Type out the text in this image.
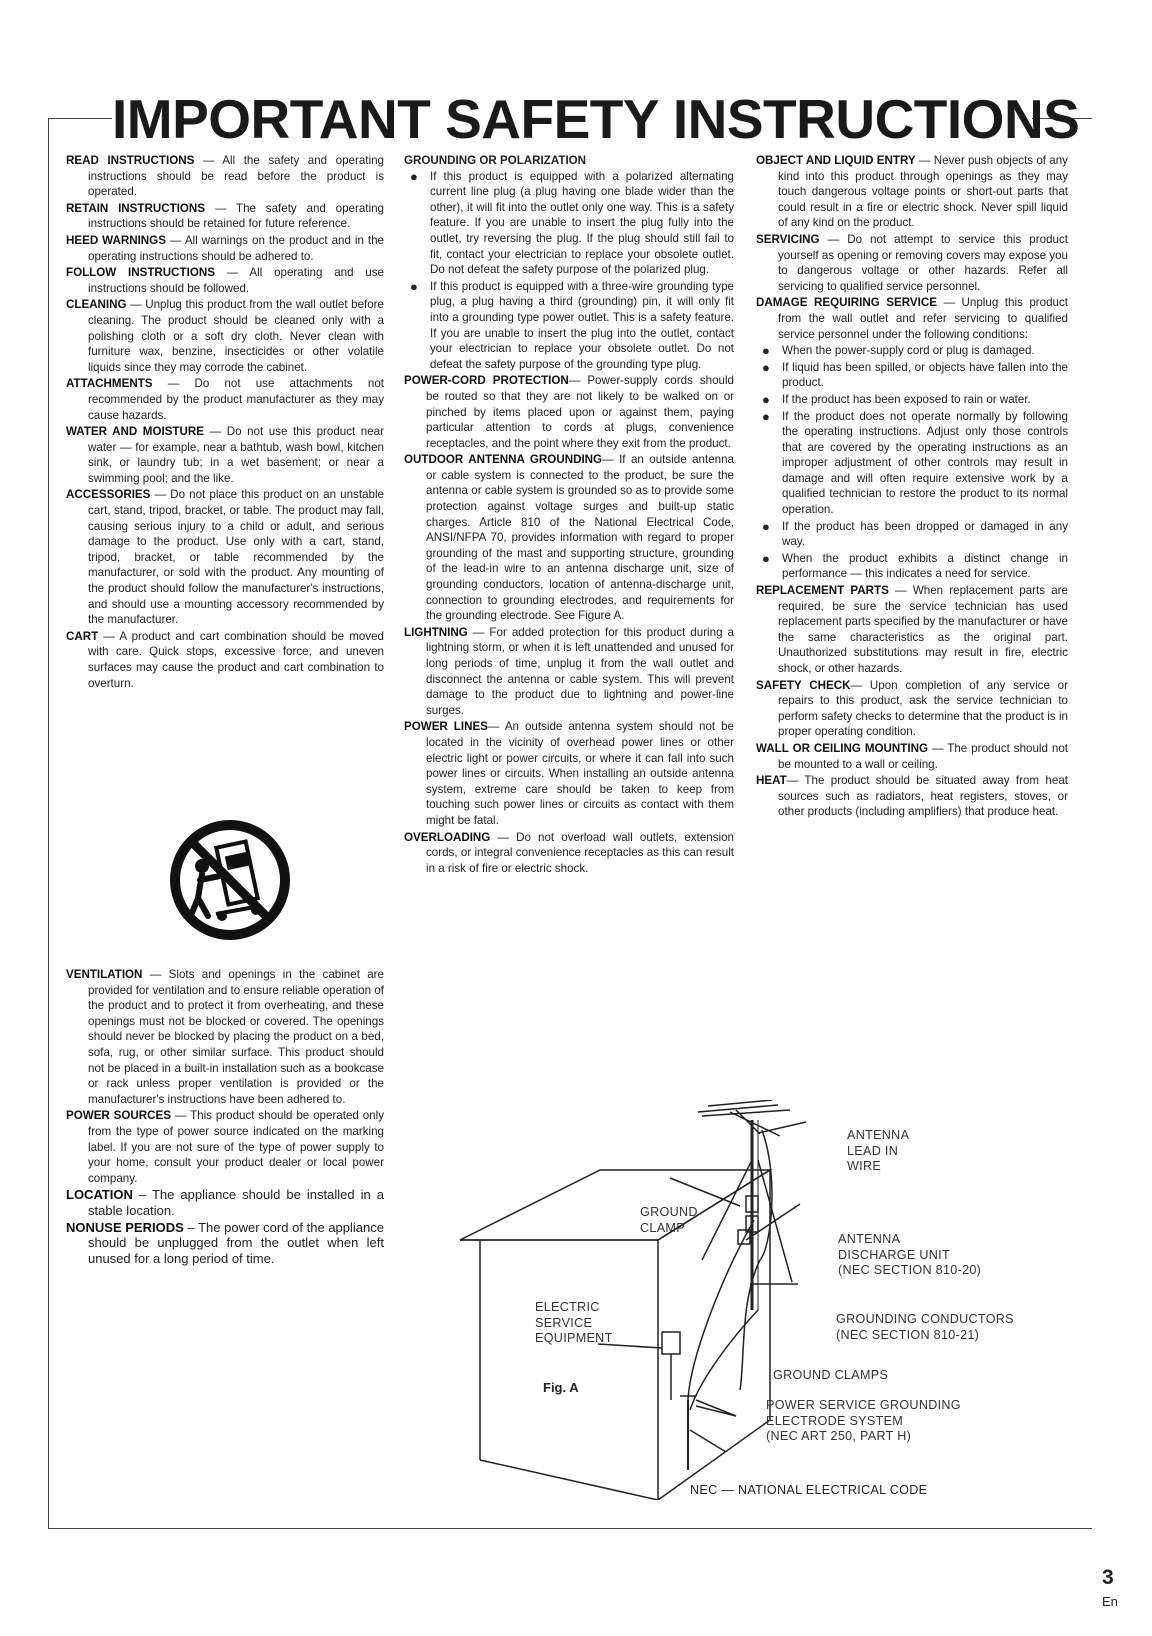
IMPORTANT SAFETY INSTRUCTIONS
READ INSTRUCTIONS — All the safety and operating instructions should be read before the product is operated.
RETAIN INSTRUCTIONS — The safety and operating instructions should be retained for future reference.
HEED WARNINGS — All warnings on the product and in the operating instructions should be adhered to.
FOLLOW INSTRUCTIONS — All operating and use instructions should be followed.
CLEANING — Unplug this product from the wall outlet before cleaning. The product should be cleaned only with a polishing cloth or a soft dry cloth. Never clean with furniture wax, benzine, insecticides or other volatile liquids since they may corrode the cabinet.
ATTACHMENTS — Do not use attachments not recommended by the product manufacturer as they may cause hazards.
WATER AND MOISTURE — Do not use this product near water — for example, near a bathtub, wash bowl, kitchen sink, or laundry tub; in a wet basement; or near a swimming pool; and the like.
ACCESSORIES — Do not place this product on an unstable cart, stand, tripod, bracket, or table. The product may fall, causing serious injury to a child or adult, and serious damage to the product. Use only with a cart, stand, tripod, bracket, or table recommended by the manufacturer, or sold with the product. Any mounting of the product should follow the manufacturer's instructions, and should use a mounting accessory recommended by the manufacturer.
CART — A product and cart combination should be moved with care. Quick stops, excessive force, and uneven surfaces may cause the product and cart combination to overturn.
VENTILATION — Slots and openings in the cabinet are provided for ventilation and to ensure reliable operation of the product and to protect it from overheating, and these openings must not be blocked or covered. The openings should never be blocked by placing the product on a bed, sofa, rug, or other similar surface. This product should not be placed in a built-in installation such as a bookcase or rack unless proper ventilation is provided or the manufacturer's instructions have been adhered to.
POWER SOURCES — This product should be operated only from the type of power source indicated on the marking label. If you are not sure of the type of power supply to your home, consult your product dealer or local power company.
LOCATION – The appliance should be installed in a stable location.
NONUSE PERIODS – The power cord of the appliance should be unplugged from the outlet when left unused for a long period of time.
GROUNDING OR POLARIZATION
● If this product is equipped with a polarized alternating current line plug (a plug having one blade wider than the other), it will fit into the outlet only one way. This is a safety feature. If you are unable to insert the plug fully into the outlet, try reversing the plug. If the plug should still fail to fit, contact your electrician to replace your obsolete outlet. Do not defeat the safety purpose of the polarized plug.
● If this product is equipped with a three-wire grounding type plug, a plug having a third (grounding) pin, it will only fit into a grounding type power outlet. This is a safety feature. If you are unable to insert the plug into the outlet, contact your electrician to replace your obsolete outlet. Do not defeat the safety purpose of the grounding type plug.
POWER-CORD PROTECTION— Power-supply cords should be routed so that they are not likely to be walked on or pinched by items placed upon or against them, paying particular attention to cords at plugs, convenience receptacles, and the point where they exit from the product.
OUTDOOR ANTENNA GROUNDING— If an outside antenna or cable system is connected to the product, be sure the antenna or cable system is grounded so as to provide some protection against voltage surges and built-up static charges. Article 810 of the National Electrical Code, ANSI/NFPA 70, provides information with regard to proper grounding of the mast and supporting structure, grounding of the lead-in wire to an antenna discharge unit, size of grounding conductors, location of antenna-discharge unit, connection to grounding electrodes, and requirements for the grounding electrode. See Figure A.
LIGHTNING — For added protection for this product during a lightning storm, or when it is left unattended and unused for long periods of time, unplug it from the wall outlet and disconnect the antenna or cable system. This will prevent damage to the product due to lightning and power-line surges.
POWER LINES— An outside antenna system should not be located in the vicinity of overhead power lines or other electric light or power circuits, or where it can fall into such power lines or circuits. When installing an outside antenna system, extreme care should be taken to keep from touching such power lines or circuits as contact with them might be fatal.
OVERLOADING — Do not overload wall outlets, extension cords, or integral convenience receptacles as this can result in a risk of fire or electric shock.
OBJECT AND LIQUID ENTRY — Never push objects of any kind into this product through openings as they may touch dangerous voltage points or short-out parts that could result in a fire or electric shock. Never spill liquid of any kind on the product.
SERVICING — Do not attempt to service this product yourself as opening or removing covers may expose you to dangerous voltage or other hazards. Refer all servicing to qualified service personnel.
DAMAGE REQUIRING SERVICE — Unplug this product from the wall outlet and refer servicing to qualified service personnel under the following conditions:
● When the power-supply cord or plug is damaged.
● If liquid has been spilled, or objects have fallen into the product.
● If the product has been exposed to rain or water.
● If the product does not operate normally by following the operating instructions. Adjust only those controls that are covered by the operating instructions as an improper adjustment of other controls may result in damage and will often require extensive work by a qualified technician to restore the product to its normal operation.
● If the product has been dropped or damaged in any way.
● When the product exhibits a distinct change in performance — this indicates a need for service.
REPLACEMENT PARTS — When replacement parts are required, be sure the service technician has used replacement parts specified by the manufacturer or have the same characteristics as the original part. Unauthorized substitutions may result in fire, electric shock, or other hazards.
SAFETY CHECK— Upon completion of any service or repairs to this product, ask the service technician to perform safety checks to determine that the product is in proper operating condition.
WALL OR CEILING MOUNTING — The product should not be mounted to a wall or ceiling.
HEAT— The product should be situated away from heat sources such as radiators, heat registers, stoves, or other products (including amplifiers) that produce heat.
ANTENNA
LEAD IN
WIRE
GROUND
CLAMP
ANTENNA
DISCHARGE UNIT
(NEC SECTION 810-20)
ELECTRIC
SERVICE
EQUIPMENT
GROUNDING CONDUCTORS
(NEC SECTION 810-21)
GROUND CLAMPS
POWER SERVICE GROUNDING
ELECTRODE SYSTEM
(NEC ART 250, PART H)
Fig. A
NEC — NATIONAL ELECTRICAL CODE
3
En
